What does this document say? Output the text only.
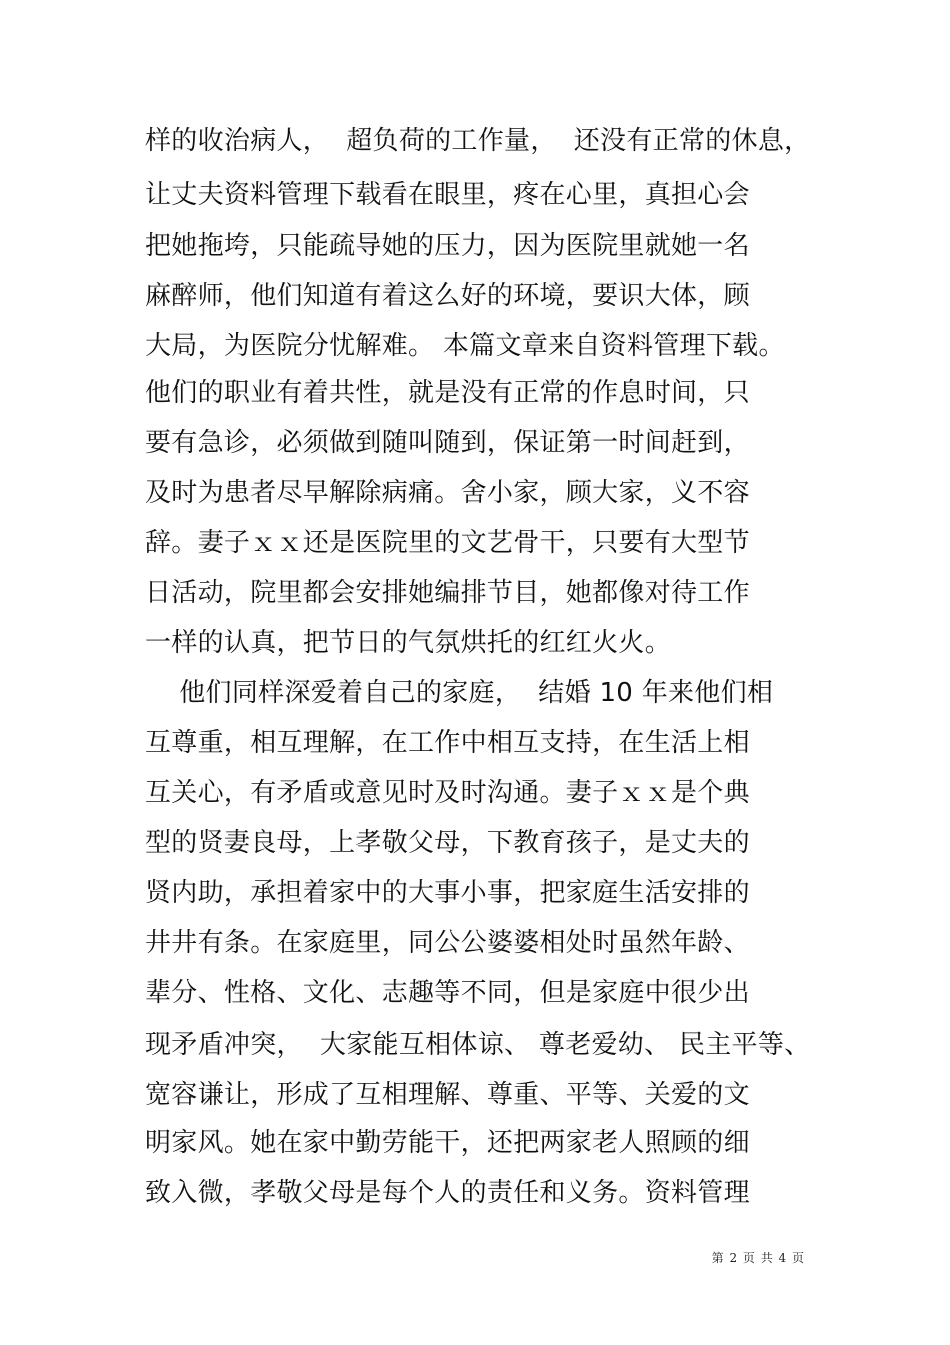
样的收治病人，  超负荷的工作量，  还没有正常的休息，
让丈夫资料管理下载看在眼里，疼在心里，真担心会
把她拖垮，只能疏导她的压力，因为医院里就她一名
麻醉师，他们知道有着这么好的环境，要识大体，顾
大局，为医院分忧解难。 本篇文章来自资料管理下载。
他们的职业有着共性，就是没有正常的作息时间，只
要有急诊，必须做到随叫随到，保证第一时间赶到，
及时为患者尽早解除病痛。舍小家，顾大家，义不容
辞。妻子ｘｘ还是医院里的文艺骨干，只要有大型节
日活动，院里都会安排她编排节目，她都像对待工作
一样的认真，把节日的气氛烘托的红红火火。
他们同样深爱着自己的家庭，  结婚 10 年来他们相
互尊重，相互理解，在工作中相互支持，在生活上相
互关心，有矛盾或意见时及时沟通。妻子ｘｘ是个典
型的贤妻良母，上孝敬父母，下教育孩子，是丈夫的
贤内助，承担着家中的大事小事，把家庭生活安排的
井井有条。在家庭里，同公公婆婆相处时虽然年龄、
辈分、性格、文化、志趣等不同，但是家庭中很少出
现矛盾冲突，  大家能互相体谅、 尊老爱幼、 民主平等、
宽容谦让，形成了互相理解、尊重、平等、关爱的文
明家风。她在家中勤劳能干，还把两家老人照顾的细
致入微，孝敬父母是每个人的责任和义务。资料管理
第 2 页 共 4 页
